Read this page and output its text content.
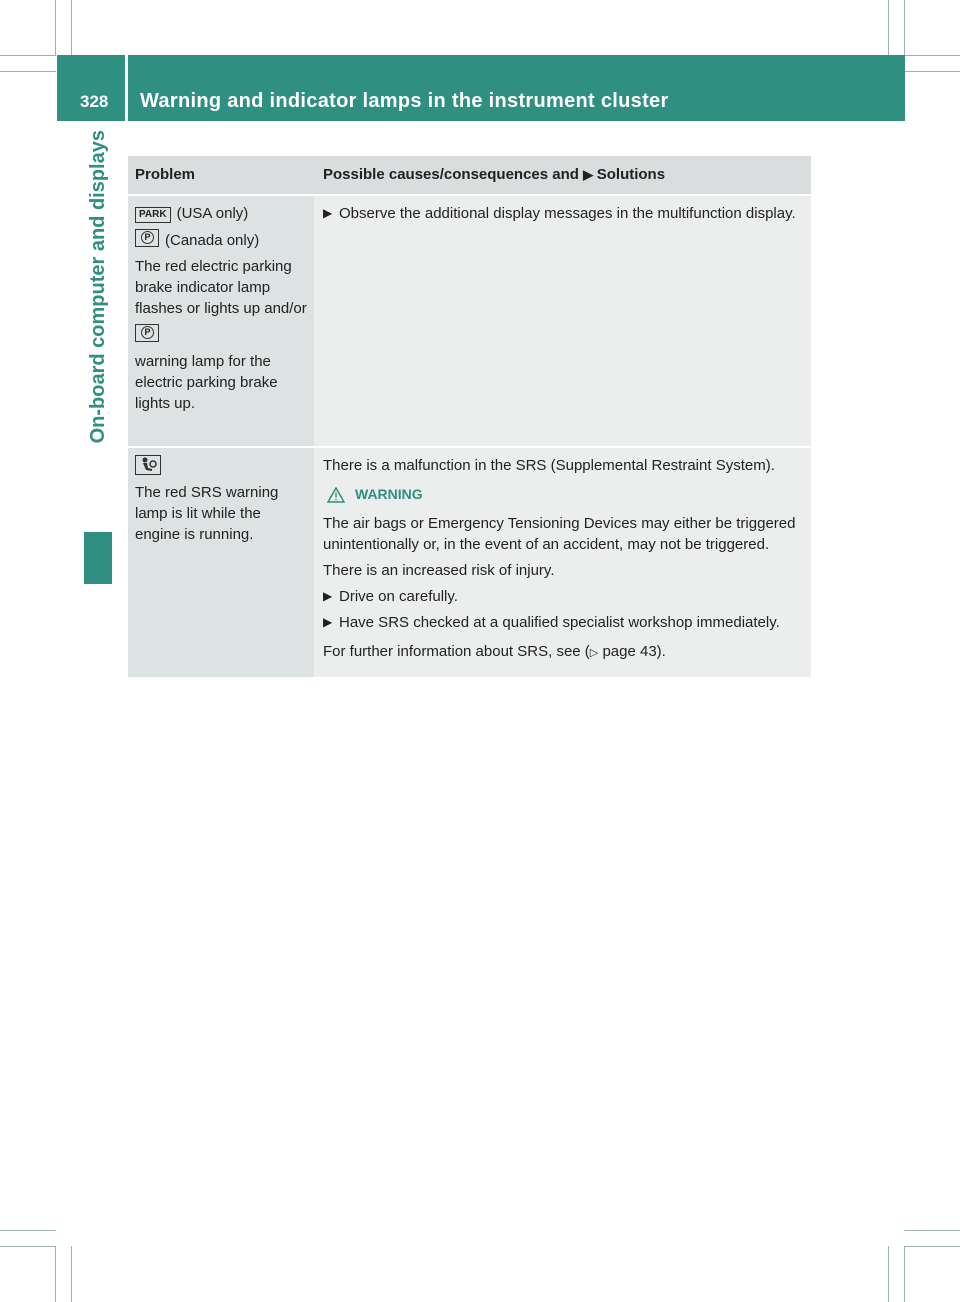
328 Warning and indicator lamps in the instrument cluster
On-board computer and displays	Problem	Possible causes/consequences and ▶ Solutions

PARK (USA only)

P(Canada only)

The red electric parking brake indicator lamp flashes or lights up and/or

P

warning lamp for the electric parking brake lights up.

▶ Observe the additional display messages in the multifunction display.

The red SRS warning lamp is lit while the engine is running.

There is a malfunction in the SRS (Supplemental Restraint System).

WARNING

The air bags or Emergency Tensioning Devices may either be triggered unintentionally or, in the event of an accident, may not be triggered.

There is an increased risk of injury.

▶ Drive on carefully.
▶ Have SRS checked at a qualified specialist workshop immediately.

For further information about SRS, see (▷ page 43).
